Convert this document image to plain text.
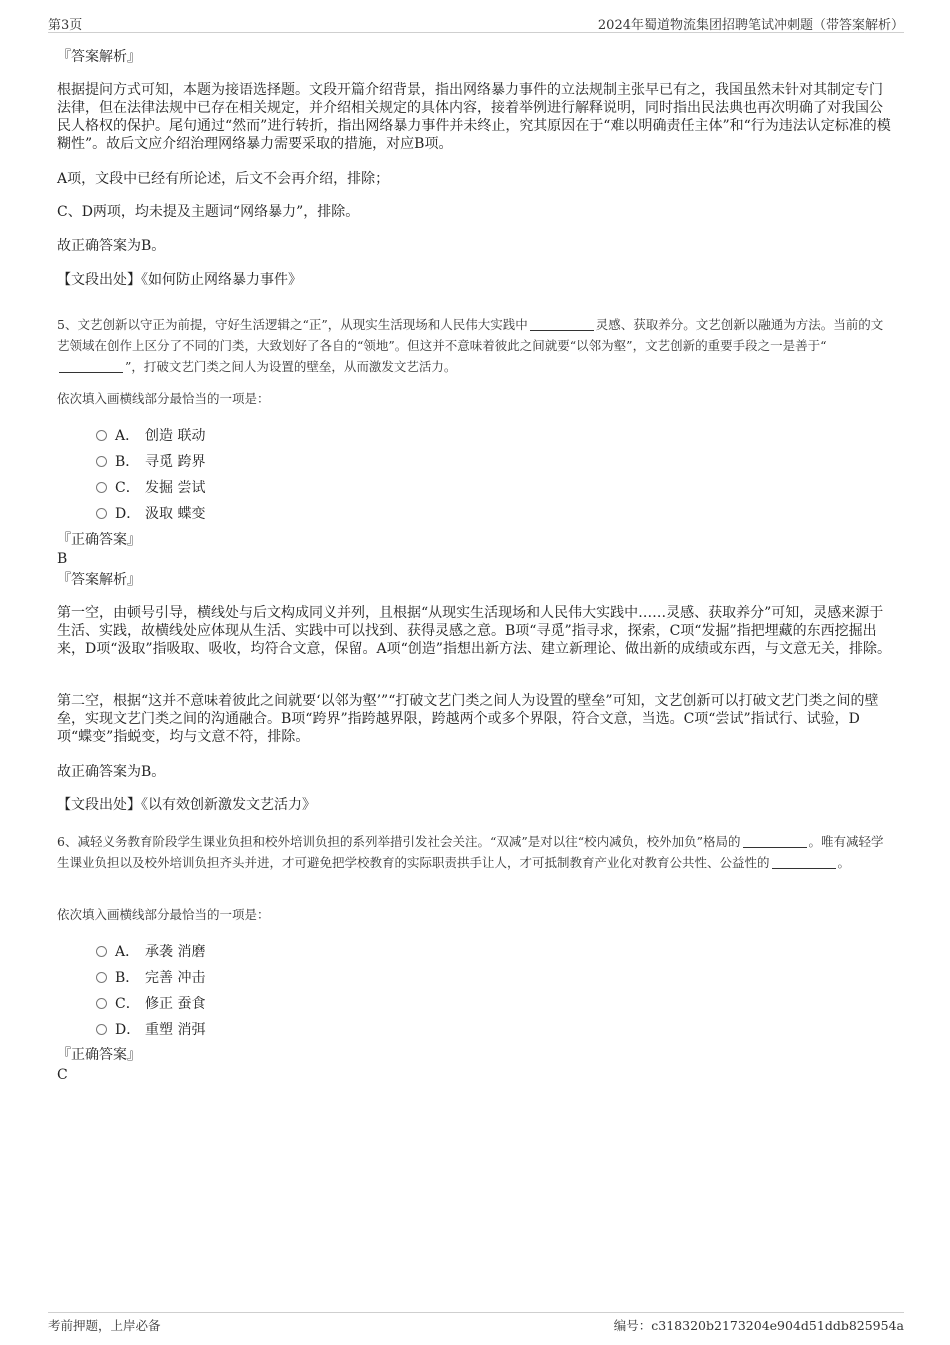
第3页	2024年蜀道物流集团招聘笔试冲刺题（带答案解析）

『答案解析』

根据提问方式可知，本题为接语选择题。文段开篇介绍背景，指出网络暴力事件的立法规制主张早已有之，我国虽然未针对其制定专门法律，但在法律法规中已存在相关规定，并介绍相关规定的具体内容，接着举例进行解释说明，同时指出民法典也再次明确了对我国公民人格权的保护。尾句通过“然而”进行转折，指出网络暴力事件并未终止，究其原因在于“难以明确责任主体”和“行为违法认定标准的模糊性”。故后文应介绍治理网络暴力需要采取的措施，对应B项。

A项，文段中已经有所论述，后文不会再介绍，排除；

C、D两项，均未提及主题词“网络暴力”，排除。

故正确答案为B。

【文段出处】《如何防止网络暴力事件》

5、文艺创新以守正为前提，守好生活逻辑之“正”，从现实生活现场和人民伟大实践中	灵感、获取养分。文艺创新以融通为方法。当前的文艺领域在创作上区分了不同的门类，大致划好了各自的“领地”。但这并不意味着彼此之间就要“以邻为壑”，文艺创新的重要手段之一是善于“”，打破文艺门类之间人为设置的壁垒，从而激发文艺活力。

依次填入画横线部分最恰当的一项是：

A． 创造 联动
B． 寻觅 跨界
C． 发掘 尝试
D． 汲取 蝶变

『正确答案』

B

『答案解析』

第一空，由顿号引导，横线处与后文构成同义并列，且根据“从现实生活现场和人民伟大实践中……灵感、获取养分”可知，灵感来源于生活、实践，故横线处应体现从生活、实践中可以找到、获得灵感之意。B项“寻觅”指寻求，探索，C项“发掘”指把埋藏的东西挖掘出来，D项“汲取”指吸取、吸收，均符合文意，保留。A项“创造”指想出新方法、建立新理论、做出新的成绩或东西，与文意无关，排除。

第二空，根据“这并不意味着彼此之间就要‘以邻为壑’”“打破文艺门类之间人为设置的壁垒”可知，文艺创新可以打破文艺门类之间的壁垒，实现文艺门类之间的沟通融合。B项“跨界”指跨越界限，跨越两个或多个界限，符合文意，当选。C项“尝试”指试行、试验，D项“蝶变”指蜕变，均与文意不符，排除。

故正确答案为B。

【文段出处】《以有效创新激发文艺活力》

6、减轻义务教育阶段学生课业负担和校外培训负担的系列举措引发社会关注。“双减”是对以往“校内减负，校外加负”格局的	。唯有减轻学生课业负担以及校外培训负担齐头并进，才可避免把学校教育的实际职责拱手让人，才可抵制教育产业化对教育公共性、公益性的	。

依次填入画横线部分最恰当的一项是：

A． 承袭 消磨
B． 完善 冲击
C． 修正 蚕食
D． 重塑 消弭

『正确答案』

C

考前押题，上岸必备	编号：c318320b2173204e904d51ddb825954a
